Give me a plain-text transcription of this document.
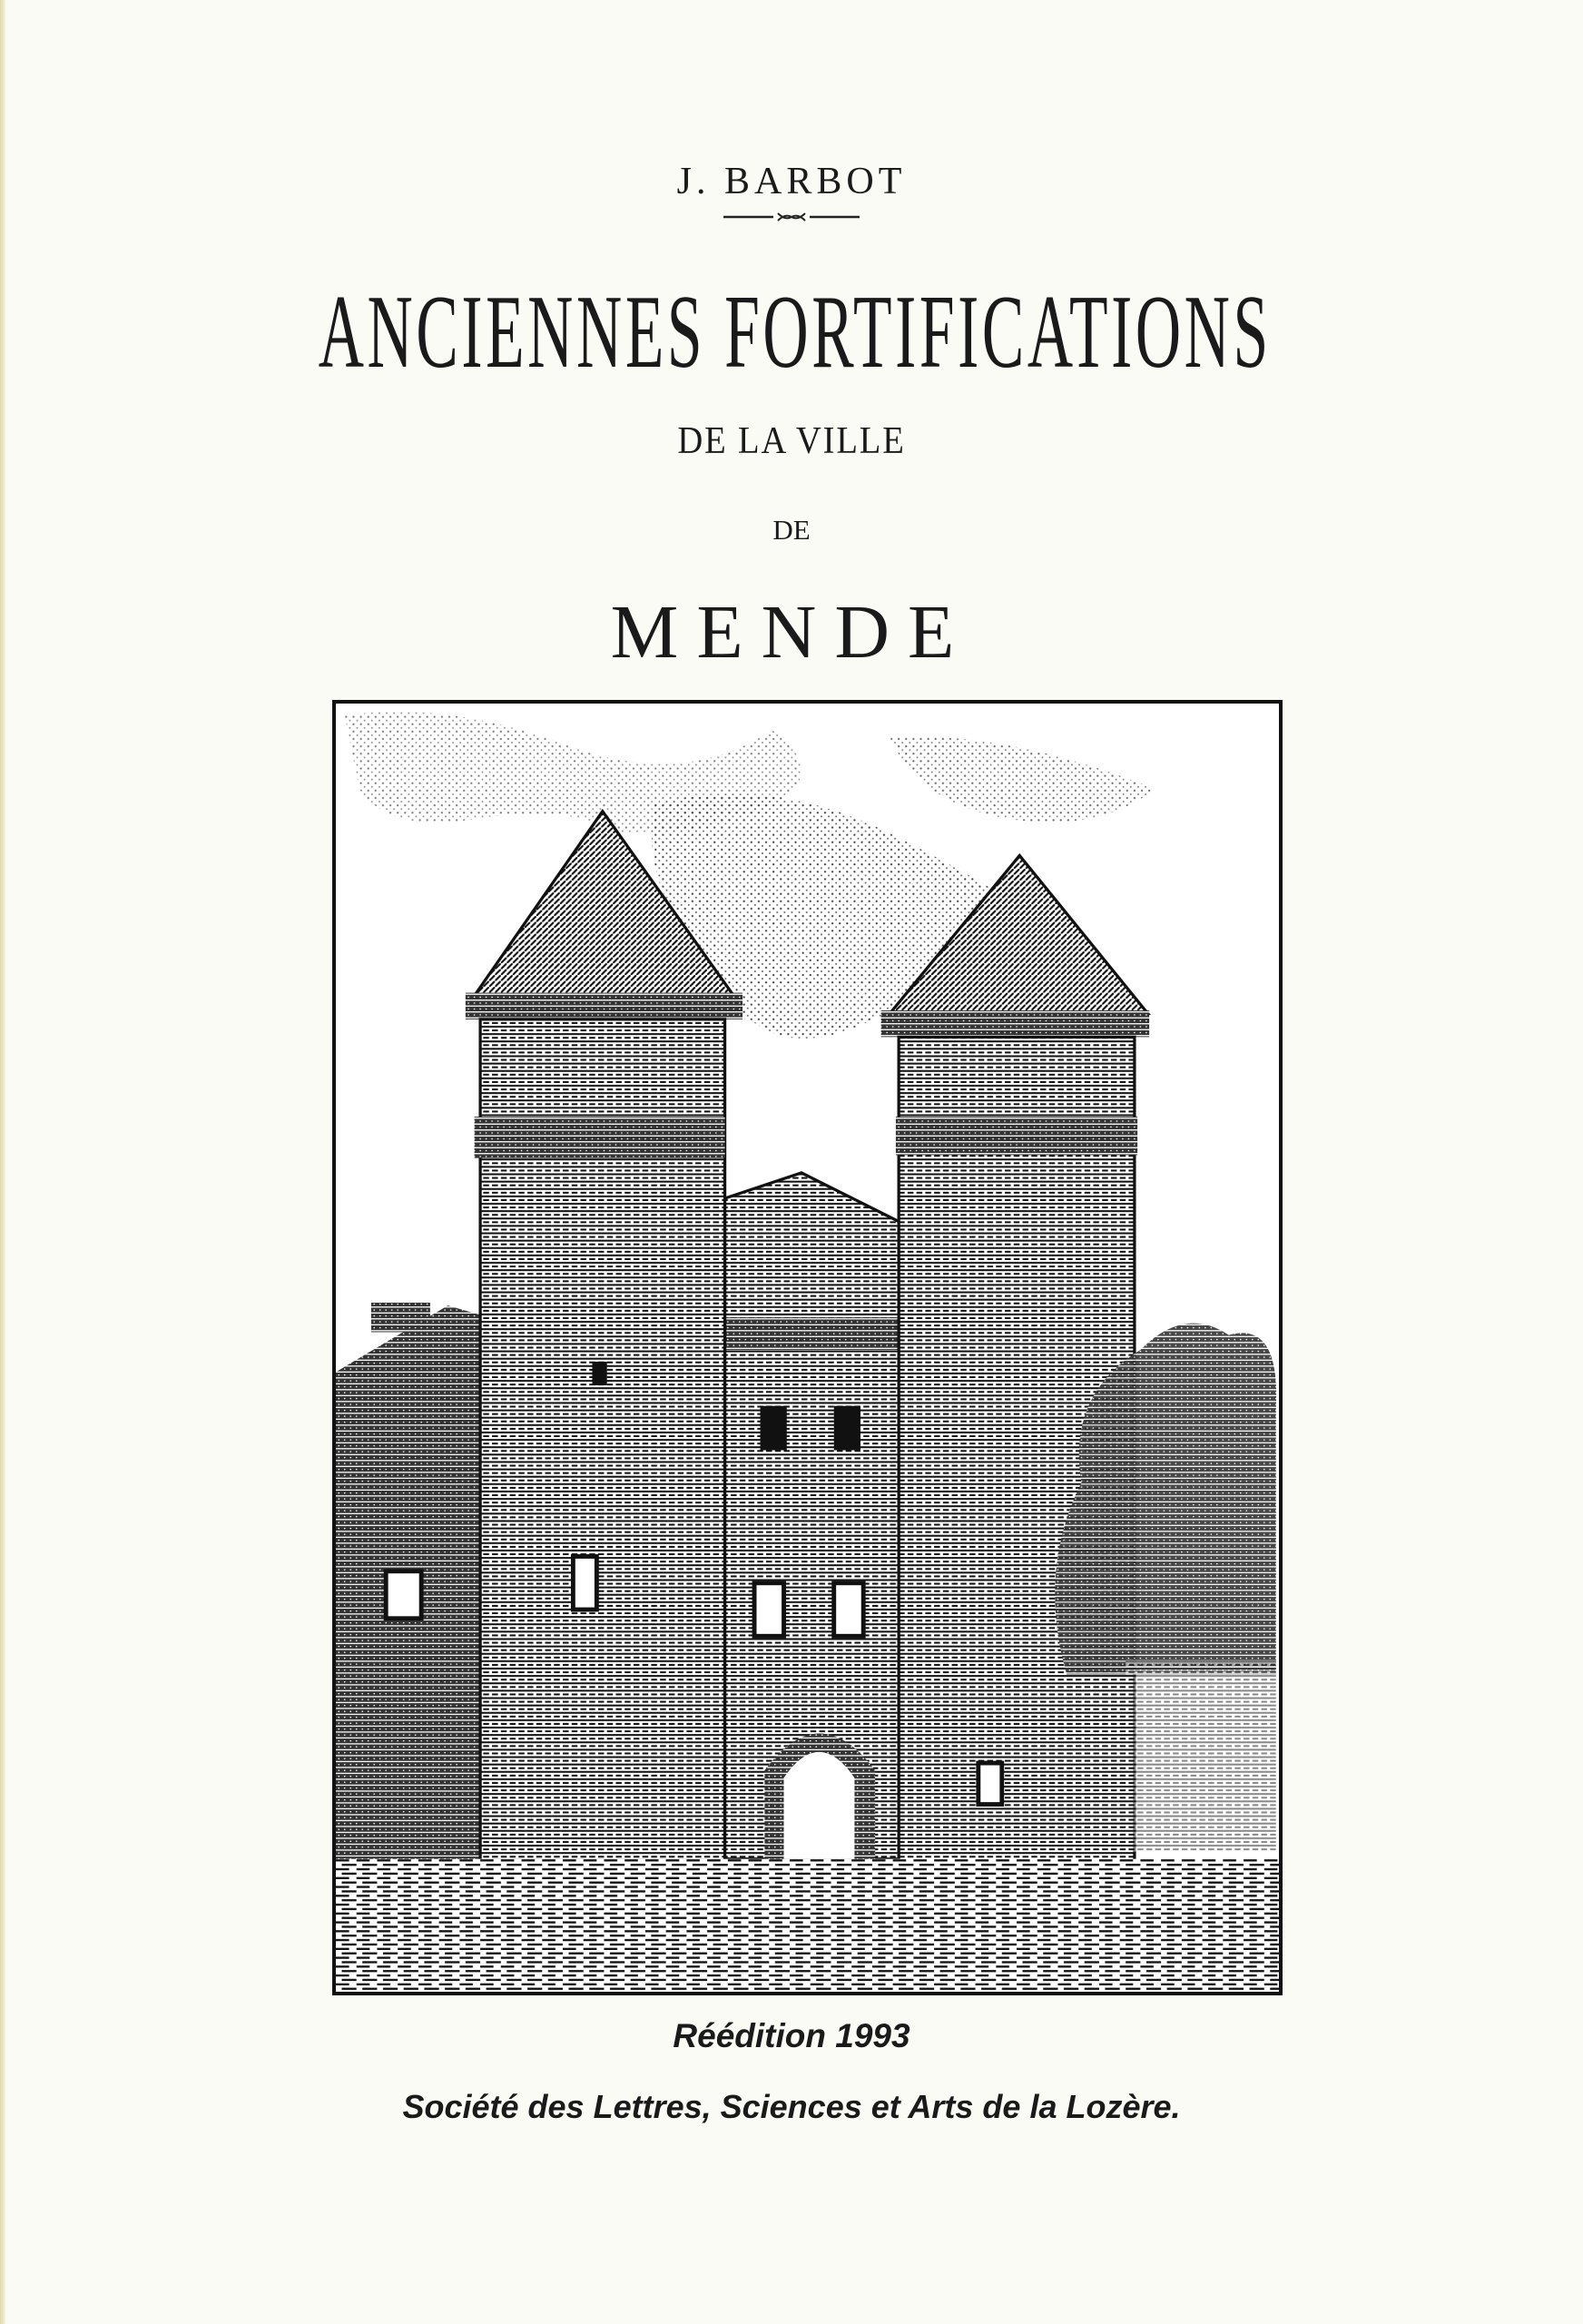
J. BARBOT
ANCIENNES FORTIFICATIONS
DE LA VILLE
DE
MENDE
Réédition 1993
Société des Lettres, Sciences et Arts de la Lozère.
